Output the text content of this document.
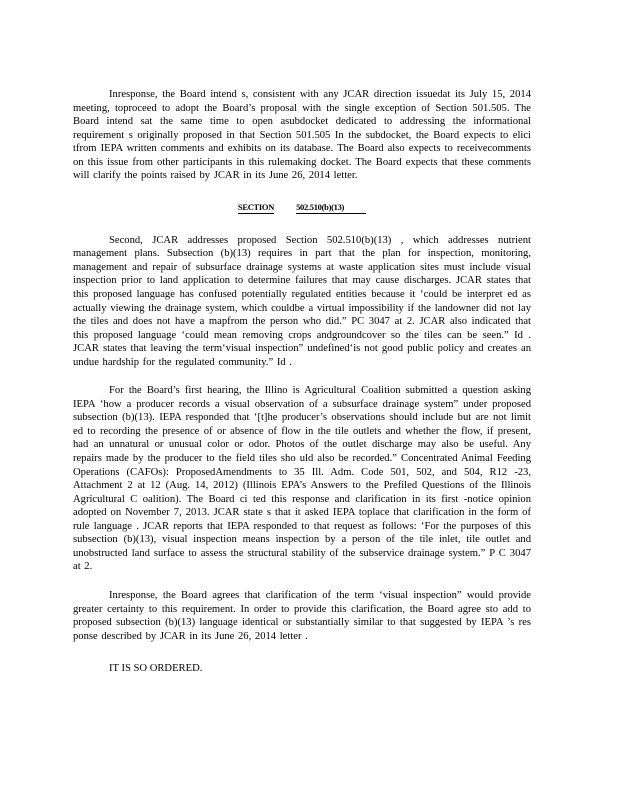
Inresponse, the Board intend s, consistent with any JCAR direction issuedat its July 15, 2014 meeting, toproceed to adopt the Board’s proposal with the single exception of Section 501.505. The Board intend sat the same time to open asubdocket dedicated to addressing the informational requirement s originally proposed in that Section 501.505 In the subdocket, the Board expects to elici tfrom IEPA written comments and exhibits on its database. The Board also expects to receivecomments on this issue from other participants in this rulemaking docket. The Board expects that these comments will clarify the points raised by JCAR in its June 26, 2014 letter.

SECTION	502.510(b)(13)

Second, JCAR addresses proposed Section 502.510(b)(13) , which addresses nutrient management plans. Subsection (b)(13) requires in part that the plan for inspection, monitoring, management and repair of subsurface drainage systems at waste application sites must include visual inspection prior to land application to determine failures that may cause discharges. JCAR states that this proposed language has confused potentially regulated entities because it ‘could be interpret ed as actually viewing the drainage system, which couldbe a virtual impossibility if the landowner did not lay the tiles and does not have a mapfrom the person who did.” PC 3047 at 2. JCAR also indicated that this proposed language ‘could mean removing crops andgroundcover so the tiles can be seen.” Id . JCAR states that leaving the term‘visual inspection” undefined‘is not good public policy and creates an undue hardship for the regulated community.” Id .

For the Board’s first hearing, the Illino is Agricultural Coalition submitted a question asking IEPA ‘how a producer records a visual observation of a subsurface drainage system” under proposed subsection (b)(13). IEPA responded that ‘[t]he producer’s observations should include but are not limit ed to recording the presence of or absence of flow in the tile outlets and whether the flow, if present, had an unnatural or unusual color or odor. Photos of the outlet discharge may also be useful. Any repairs made by the producer to the field tiles sho uld also be recorded.” Concentrated Animal Feeding Operations (CAFOs): ProposedAmendments to 35 Ill. Adm. Code 501, 502, and 504, R12 -23, Attachment 2 at 12 (Aug. 14, 2012) (Illinois EPA’s Answers to the Prefiled Questions of the Illinois Agricultural C oalition). The Board ci ted this response and clarification in its first -notice opinion adopted on November 7, 2013. JCAR state s that it asked IEPA toplace that clarification in the form of rule language . JCAR reports that IEPA responded to that request as follows: ‘For the purposes of this subsection (b)(13), visual inspection means inspection by a person of the tile inlet, tile outlet and unobstructed land surface to assess the structural stability of the subservice drainage system.” P C 3047 at 2.

Inresponse, the Board agrees that clarification of the term ‘visual inspection” would provide greater certainty to this requirement. In order to provide this clarification, the Board agree sto add to proposed subsection (b)(13) language identical or substantially similar to that suggested by IEPA ’s res ponse described by JCAR in its June 26, 2014 letter .

IT IS SO ORDERED.
